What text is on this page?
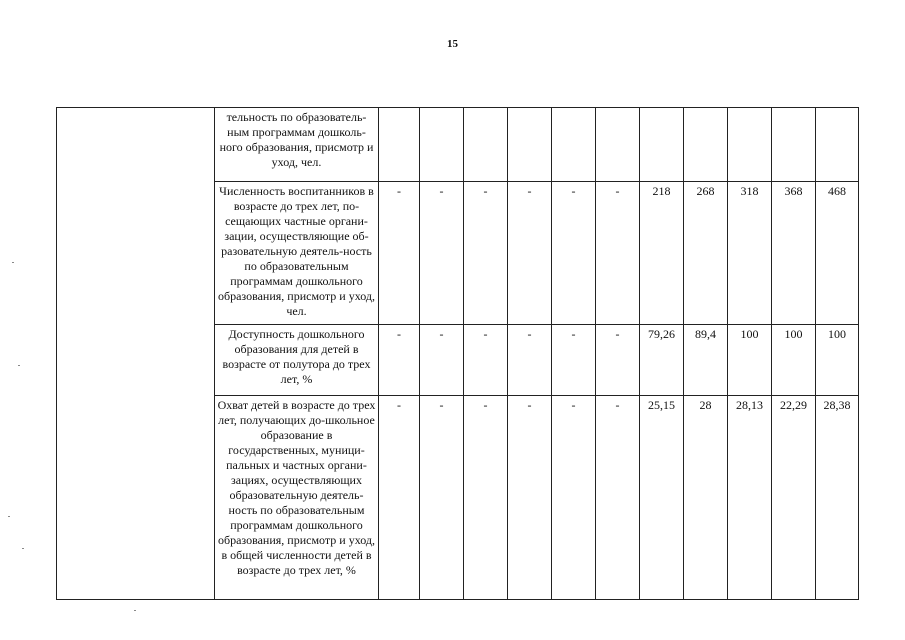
15
	тельность по образователь-ным программам дошколь-ного образования, присмотр и уход, чел.											
	Численность воспитанников в возрасте до трех лет, по-сещающих частные органи-зации, осуществляющие об-разовательную деятель-ность по образовательным программам дошкольного образования, присмотр и уход, чел.	-	-	-	-	-	-	218	268	318	368	468
	Доступность дошкольного образования для детей в возрасте от полутора до трех лет, %	-	-	-	-	-	-	79,26	89,4	100	100	100
	Охват детей в возрасте до трех лет, получающих до-школьное образование в государственных, муници-пальных и частных органи-зациях, осуществляющих образовательную деятель-ность по образовательным программам дошкольного образования, присмотр и уход, в общей численности детей в возрасте до трех лет, %	-	-	-	-	-	-	25,15	28	28,13	22,29	28,38
